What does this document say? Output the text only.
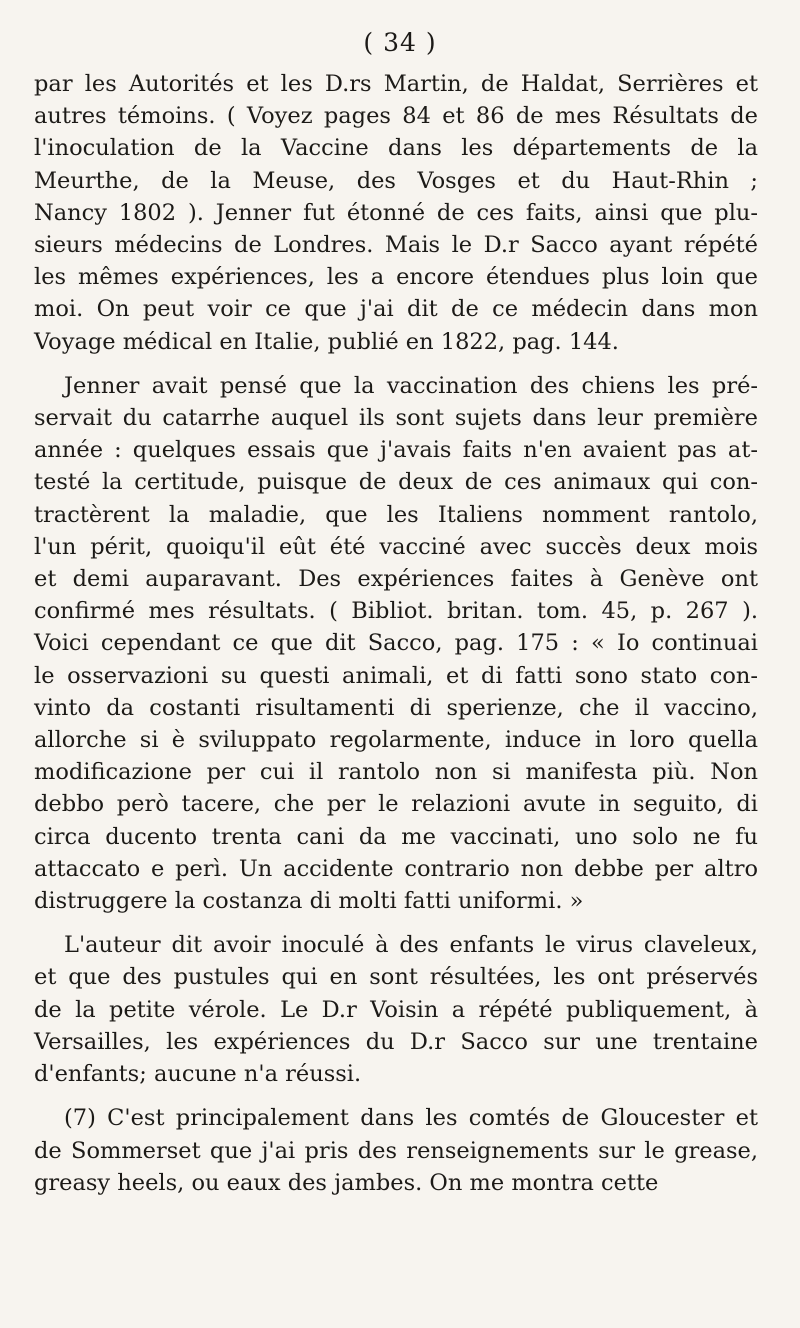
( 34 )
par les Autorités et les D.rs Martin, de Haldat, Serrières et
autres témoins. ( Voyez pages 84 et 86 de mes Résultats de
l'inoculation de la Vaccine dans les départements de la
Meurthe, de la Meuse, des Vosges et du Haut-Rhin ;
Nancy 1802 ). Jenner fut étonné de ces faits, ainsi que plu-
sieurs médecins de Londres. Mais le D.r Sacco ayant répété
les mêmes expériences, les a encore étendues plus loin que
moi. On peut voir ce que j'ai dit de ce médecin dans mon
Voyage médical en Italie, publié en 1822, pag. 144.
Jenner avait pensé que la vaccination des chiens les pré-
servait du catarrhe auquel ils sont sujets dans leur première
année : quelques essais que j'avais faits n'en avaient pas at-
testé la certitude, puisque de deux de ces animaux qui con-
tractèrent la maladie, que les Italiens nomment rantolo,
l'un périt, quoiqu'il eût été vacciné avec succès deux mois
et demi auparavant. Des expériences faites à Genève ont
confirmé mes résultats. ( Bibliot. britan. tom. 45, p. 267 ).
Voici cependant ce que dit Sacco, pag. 175 : « Io continuai
le osservazioni su questi animali, et di fatti sono stato con-
vinto da costanti risultamenti di sperienze, che il vaccino,
allorche si è sviluppato regolarmente, induce in loro quella
modificazione per cui il rantolo non si manifesta più. Non
debbo però tacere, che per le relazioni avute in seguito, di
circa ducento trenta cani da me vaccinati, uno solo ne fu
attaccato e perì. Un accidente contrario non debbe per altro
distruggere la costanza di molti fatti uniformi. »
L'auteur dit avoir inoculé à des enfants le virus claveleux,
et que des pustules qui en sont résultées, les ont préservés
de la petite vérole. Le D.r Voisin a répété publiquement, à
Versailles, les expériences du D.r Sacco sur une trentaine
d'enfants; aucune n'a réussi.
(7) C'est principalement dans les comtés de Gloucester et
de Sommerset que j'ai pris des renseignements sur le grease,
greasy heels, ou eaux des jambes. On me montra cette
